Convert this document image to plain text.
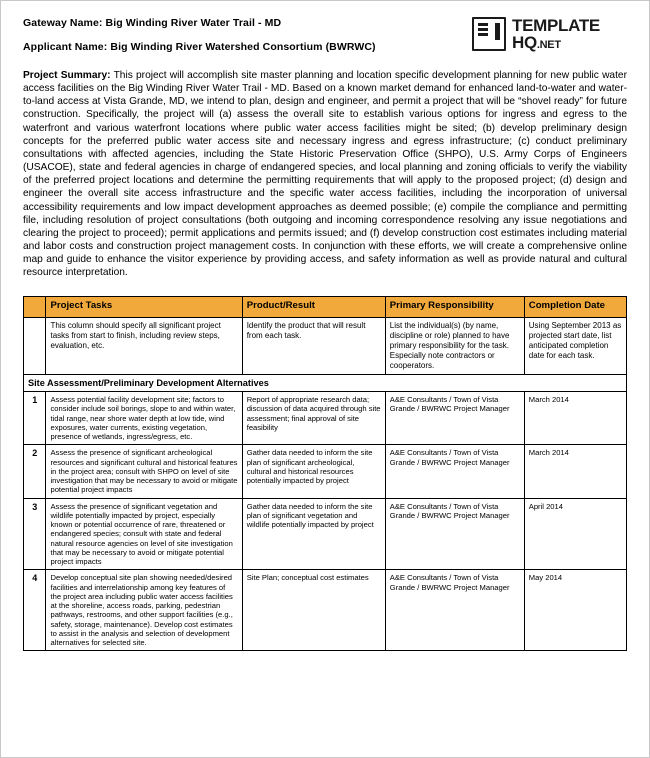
Gateway Name: Big Winding River Water Trail - MD
Applicant Name: Big Winding River Watershed Consortium (BWRWC)
TEMPLATE
HQ.NET
Project Summary: This project will accomplish site master planning and location specific development planning for new public water access facilities on the Big Winding River Water Trail - MD. Based on a known market demand for enhanced land-to-water and water-to-land access at Vista Grande, MD, we intend to plan, design and engineer, and permit a project that will be “shovel ready” for future construction. Specifically, the project will (a) assess the overall site to establish various options for ingress and egress to the waterfront and various waterfront locations where public water access facilities might be sited; (b) develop preliminary design concepts for the preferred public water access site and necessary ingress and egress infrastructure; (c) conduct preliminary consultations with affected agencies, including the State Historic Preservation Office (SHPO), U.S. Army Corps of Engineers (USACOE), state and federal agencies in charge of endangered species, and local planning and zoning officials to verify the viability of the preferred project locations and determine the permitting requirements that will apply to the proposed project; (d) design and engineer the overall site access infrastructure and the specific water access facilities, including the incorporation of universal accessibility requirements and low impact development approaches as deemed possible; (e) compile the compliance and permitting file, including resolution of project consultations (both outgoing and incoming correspondence resolving any issue negotiations and clearing the project to proceed); permit applications and permits issued; and (f) develop construction cost estimates including material and labor costs and construction project management costs. In conjunction with these efforts, we will create a comprehensive online map and guide to enhance the visitor experience by providing access, and safety information as well as provide natural and cultural resource interpretation.
	Project Tasks	Product/Result	Primary Responsibility	Completion Date
	This column should specify all significant project tasks from start to finish, including review steps, evaluation, etc.	Identify the product that will result from each task.	List the individual(s) (by name, discipline or role) planned to have primary responsibility for the task. Especially note contractors or cooperators.	Using September 2013 as projected start date, list anticipated completion date for each task.
Site Assessment/Preliminary Development Alternatives				
1	Assess potential facility development site; factors to consider include soil borings, slope to and within water, tidal range, near shore water depth at low tide, wind exposures, water currents, existing vegetation, presence of wetlands, ingress/egress, etc.	Report of appropriate research data; discussion of data acquired through site assessment; final approval of site feasibility	A&E Consultants / Town of Vista Grande / BWRWC Project Manager	March 2014
2	Assess the presence of significant archeological resources and significant cultural and historical features in the project area; consult with SHPO on level of site investigation that may be necessary to avoid or mitigate potential project impacts	Gather data needed to inform the site plan of significant archeological, cultural and historical resources potentially impacted by project	A&E Consultants / Town of Vista Grande / BWRWC Project Manager	March 2014
3	Assess the presence of significant vegetation and wildlife potentially impacted by project, especially known or potential occurrence of rare, threatened or endangered species; consult with state and federal natural resource agencies on level of site investigation that may be necessary to avoid or mitigate potential project impacts	Gather data needed to inform the site plan of significant vegetation and wildlife potentially impacted by project	A&E Consultants / Town of Vista Grande / BWRWC Project Manager	April 2014
4	Develop conceptual site plan showing needed/desired facilities and interrelationship among key features of the project area including public water access facilities at the shoreline, access roads, parking, pedestrian pathways, restrooms, and other support facilities (e.g., safety, storage, maintenance). Develop cost estimates to assist in the analysis and selection of development alternatives for selected site.	Site Plan; conceptual cost estimates	A&E Consultants / Town of Vista Grande / BWRWC Project Manager	May 2014
